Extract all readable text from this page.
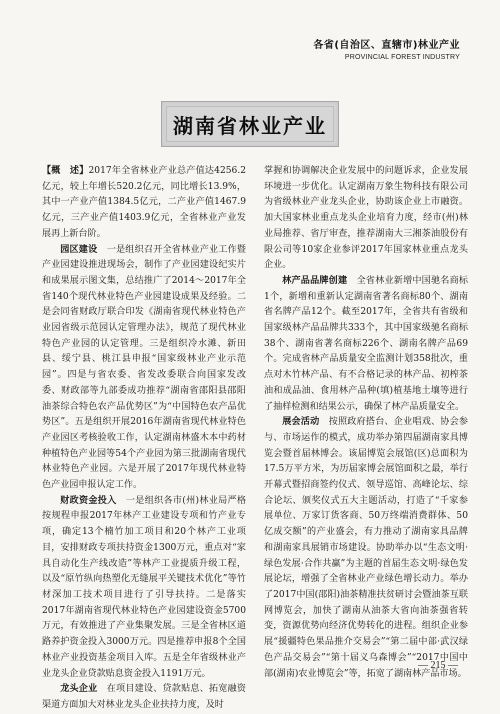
各省(自治区、直辖市)林业产业
PROVINCIAL FOREST INDUSTRY
湖南省林业产业

【概　述】2017年全省林业产业总产值达4256.2亿元，较上年增长520.2亿元，同比增长13.9%，其中一产业产值1384.5亿元，二产业产值1467.9亿元，三产业产值1403.9亿元，全省林业产业发展再上新台阶。

园区建设　 一是组织召开全省林业产业工作暨产业园建设推进现场会，制作了产业园建设纪实片和成果展示图文集，总结推广了2014～2017年全省140个现代林业特色产业园建设成果及经验。二是会同省财政厅联合印发《湖南省现代林业特色产业园省级示范园认定管理办法》，规范了现代林业特色产业园的认定管理。三是组织冷水滩、新田县、绥宁县、桃江县申报“国家级林业产业示范园”。四是与省农委、省发改委联合向国家发改委、财政部等九部委成功推荐“湖南省邵阳县邵阳油茶综合特色农产品优势区”为“中国特色农产品优势区”。五是组织开展2016年湖南省现代林业特色产业园区考核验收工作，认定湖南林盛木本中药材种植特色产业园等54个产业园为第三批湖南省现代林业特色产业园。六是开展了2017年现代林业特色产业园申报认定工作。

财政资金投入　 一是组织各市(州)林业局严格按规程申报2017年林产工业建设专项和竹产业专项，确定13个楠竹加工项目和20个林产工业项目，安排财政专项扶持资金1300万元，重点对“家具自动化生产线改造”等林产工业提质升级工程，以及“原竹纵向热塑化无缝展平关键技术优化”等竹材深加工技术项目进行了引导扶持。二是落实2017年湖南省现代林业特色产业园建设资金5700万元，有效推进了产业集聚发展。三是全省林区道路养护资金投入3000万元。四是推荐申报8个全国林业产业投资基金项目入库。五是全年省级林业产业龙头企业贷款贴息资金投入1191万元。

龙头企业　 在项目建设、贷款贴息、拓宽融资渠道方面加大对林业龙头企业扶持力度，及时

掌握和协调解决企业发展中的问题诉求，企业发展环境进一步优化。认定湖南万象生物科技有限公司为省级林业产业龙头企业，协助该企业上市融资。加大国家林业重点龙头企业培育力度，经市(州)林业局推荐、省厅审查，推荐湖南大三湘茶油股份有限公司等10家企业参评2017年国家林业重点龙头企业。

林产品品牌创建　 全省林业新增中国驰名商标1个，新增和重新认定湖南省著名商标80个、湖南省名牌产品12个。截至2017年，全省共有省级和国家级林产品品牌共333个，其中国家级驰名商标38个、湖南省著名商标226个、湖南名牌产品69个。完成省林产品质量安全监测计划358批次，重点对木竹林产品、有不合格记录的林产品、初榨茶油和成品油、食用林产品种(填)植基地土壤等进行了抽样检测和结果公示，确保了林产品质量安全。

展会活动　 按照政府搭台、企业唱戏、协会参与、市场运作的模式，成功举办第四届湖南家具博览会暨首届林博会。该届博览会展馆(区)总面积为17.5万平方米，为历届家博会展馆面积之最，举行开幕式暨招商签约仪式、领导巡馆、高峰论坛、综合论坛、颁奖仪式五大主题活动，打造了“千家参展单位、万家订货客商、50万终端消费群体、50亿成交额”的产业盛会，有力推动了湖南家具品牌和湖南家具展销市场建设。协助举办以“生态文明·绿色发展·合作共赢”为主题的首届生态文明·绿色发展论坛，增强了全省林业产业绿色增长动力。举办了2017中国(邵阳)油茶精准扶贫研讨会暨油茶互联网博览会，加快了湖南从油茶大省向油茶强省转变，资源优势向经济优势转化的进程。组织企业参展“援疆特色果品推介交易会”“第二届中部·武汉绿色产品交易会”“第十届义乌森博会”“2017中国中部(湖南)农业博览会”等，拓宽了湖南林产品市场。

— 215 —
